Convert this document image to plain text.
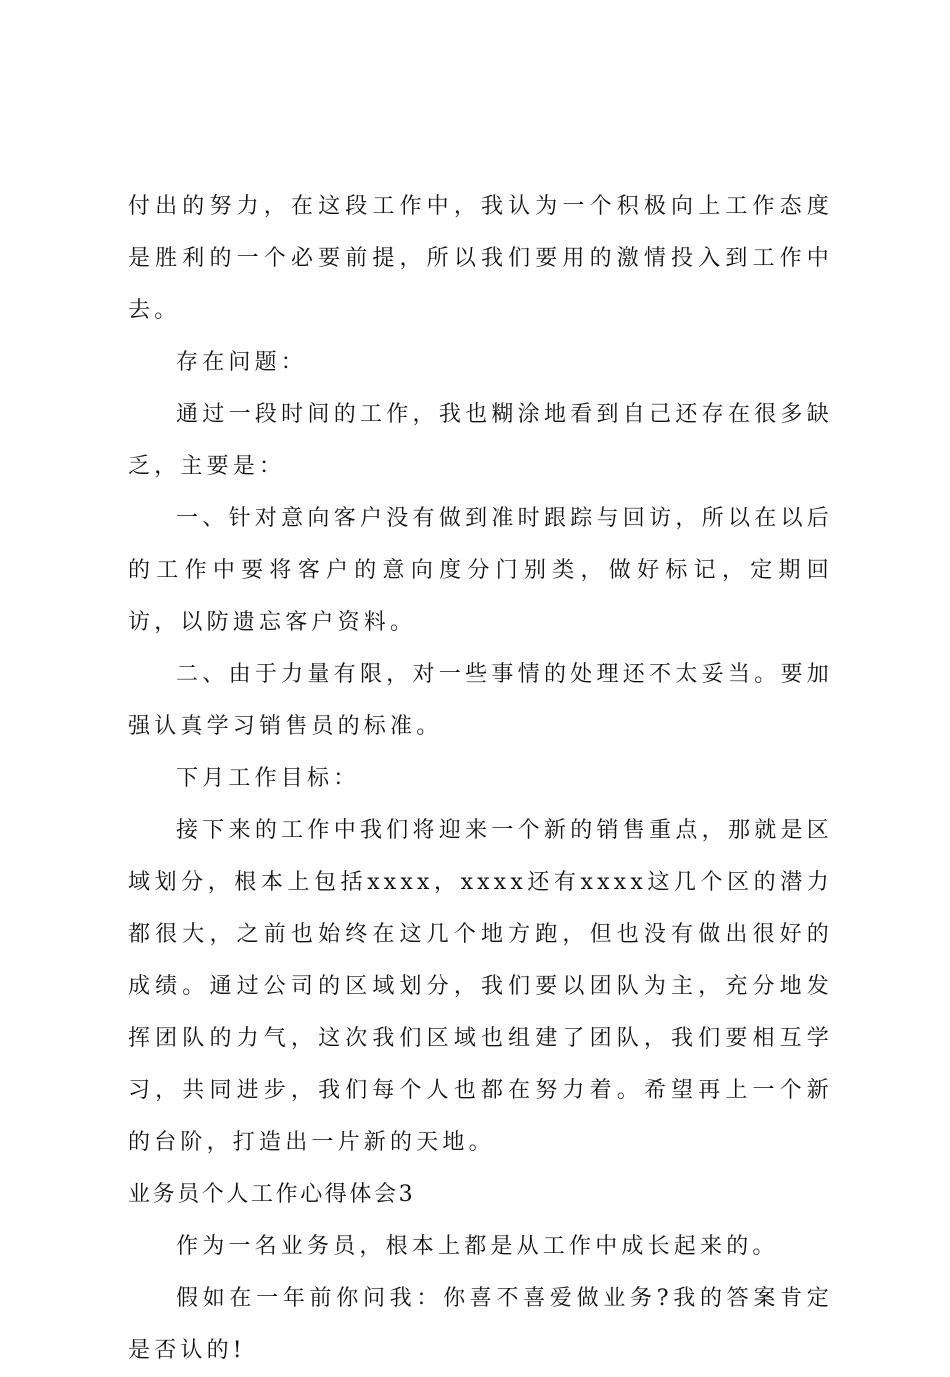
付出的努力，在这段工作中，我认为一个积极向上工作态度是胜利的一个必要前提，所以我们要用的激情投入到工作中去。

存在问题：

通过一段时间的工作，我也糊涂地看到自己还存在很多缺乏，主要是：

一、针对意向客户没有做到准时跟踪与回访，所以在以后的工作中要将客户的意向度分门别类，做好标记，定期回访，以防遗忘客户资料。

二、由于力量有限，对一些事情的处理还不太妥当。要加强认真学习销售员的标准。

下月工作目标：

接下来的工作中我们将迎来一个新的销售重点，那就是区域划分，根本上包括xxxx，xxxx还有xxxx这几个区的潜力都很大，之前也始终在这几个地方跑，但也没有做出很好的成绩。通过公司的区域划分，我们要以团队为主，充分地发挥团队的力气，这次我们区域也组建了团队，我们要相互学习，共同进步，我们每个人也都在努力着。希望再上一个新的台阶，打造出一片新的天地。

业务员个人工作心得体会3

作为一名业务员，根本上都是从工作中成长起来的。

假如在一年前你问我：你喜不喜爱做业务?我的答案肯定是否认的!
